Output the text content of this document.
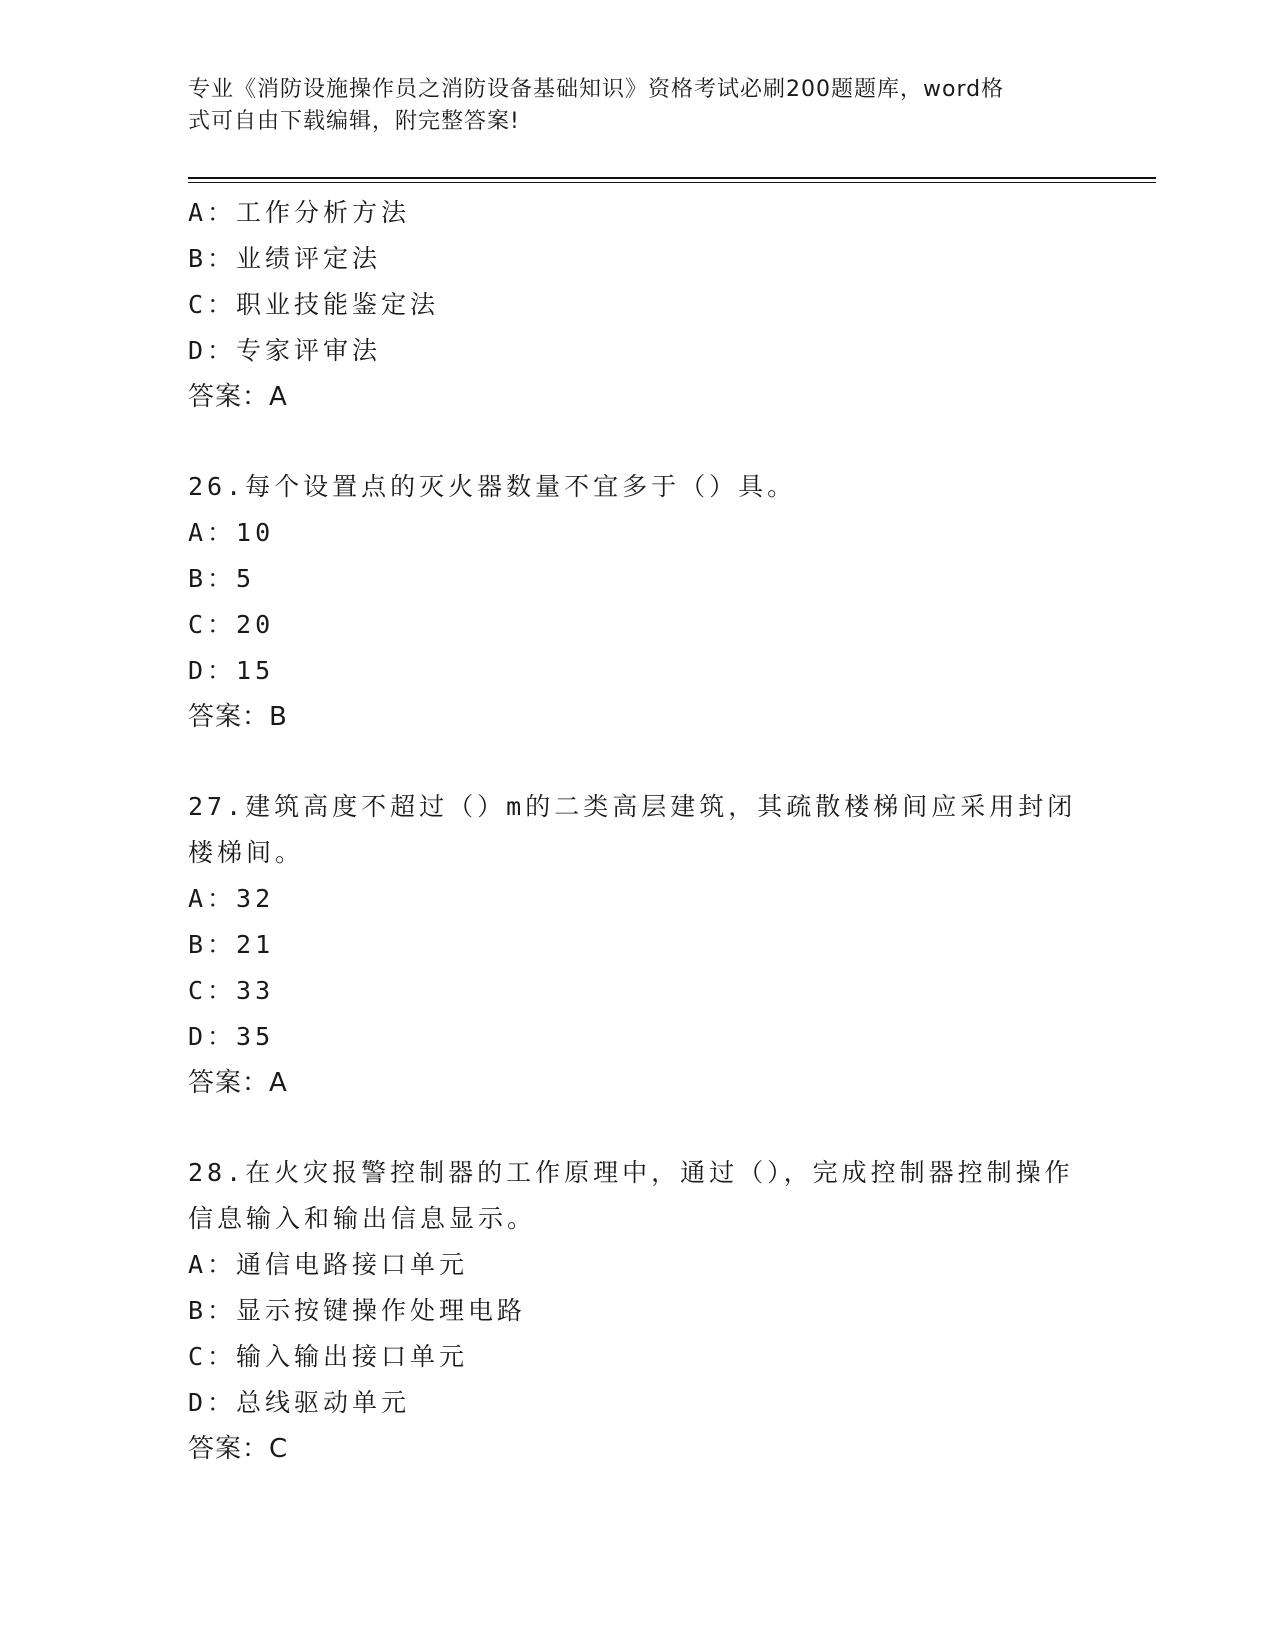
专业《消防设施操作员之消防设备基础知识》资格考试必刷200题题库，word格
式可自由下载编辑，附完整答案!

A：工作分析方法

B：业绩评定法

C：职业技能鉴定法

D：专家评审法

答案：A

26.每个设置点的灭火器数量不宜多于（）具。

A：10

B：5

C：20

D：15

答案：B

27.建筑高度不超过（）m的二类高层建筑，其疏散楼梯间应采用封闭

楼梯间。

A：32

B：21

C：33

D：35

答案：A

28.在火灾报警控制器的工作原理中，通过（），完成控制器控制操作

信息输入和输出信息显示。

A：通信电路接口单元

B：显示按键操作处理电路

C：输入输出接口单元

D：总线驱动单元

答案：C
